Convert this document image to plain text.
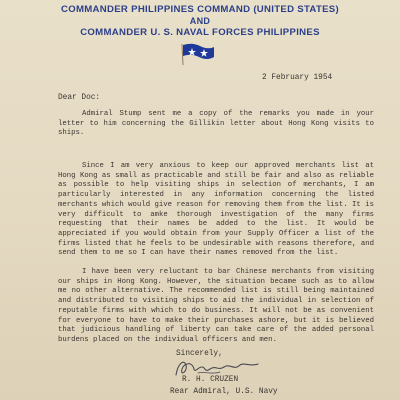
COMMANDER PHILIPPINES COMMAND (UNITED STATES)
AND
COMMANDER U. S. NAVAL FORCES PHILIPPINES
2 February 1954
Dear Doc:

Admiral Stump sent me a copy of the remarks you made in your letter to him concerning the Gillikin letter about Hong Kong visits to ships.

Since I am very anxious to keep our approved merchants list at Hong Kong as small as practicable and still be fair and also as reliable as possible to help visiting ships in selection of merchants, I am particularly interested in any information concerning the listed merchants which would give reason for removing them from the list. It is very difficult to amke thorough investigation of the many firms requesting that their names be added to the list. It would be appreciated if you would obtain from your Supply Officer a list of the firms listed that he feels to be undesirable with reasons therefore, and send them to me so I can have their names removed from the list.

I have been very reluctant to bar Chinese merchants from visiting our ships in Hong Kong. However, the situation became such as to allow me no other alternative. The recommended list is still being maintained and distributed to visiting ships to aid the individual in selection of reputable firms with which to do business. It will not be as convenient for everyone to have to make their purchases ashore, but it is believed that judicious handling of liberty can take care of the added personal burdens placed on the individual officers and men.

Sincerely,
R. H. CRUZEN
Rear Admiral, U.S. Navy
